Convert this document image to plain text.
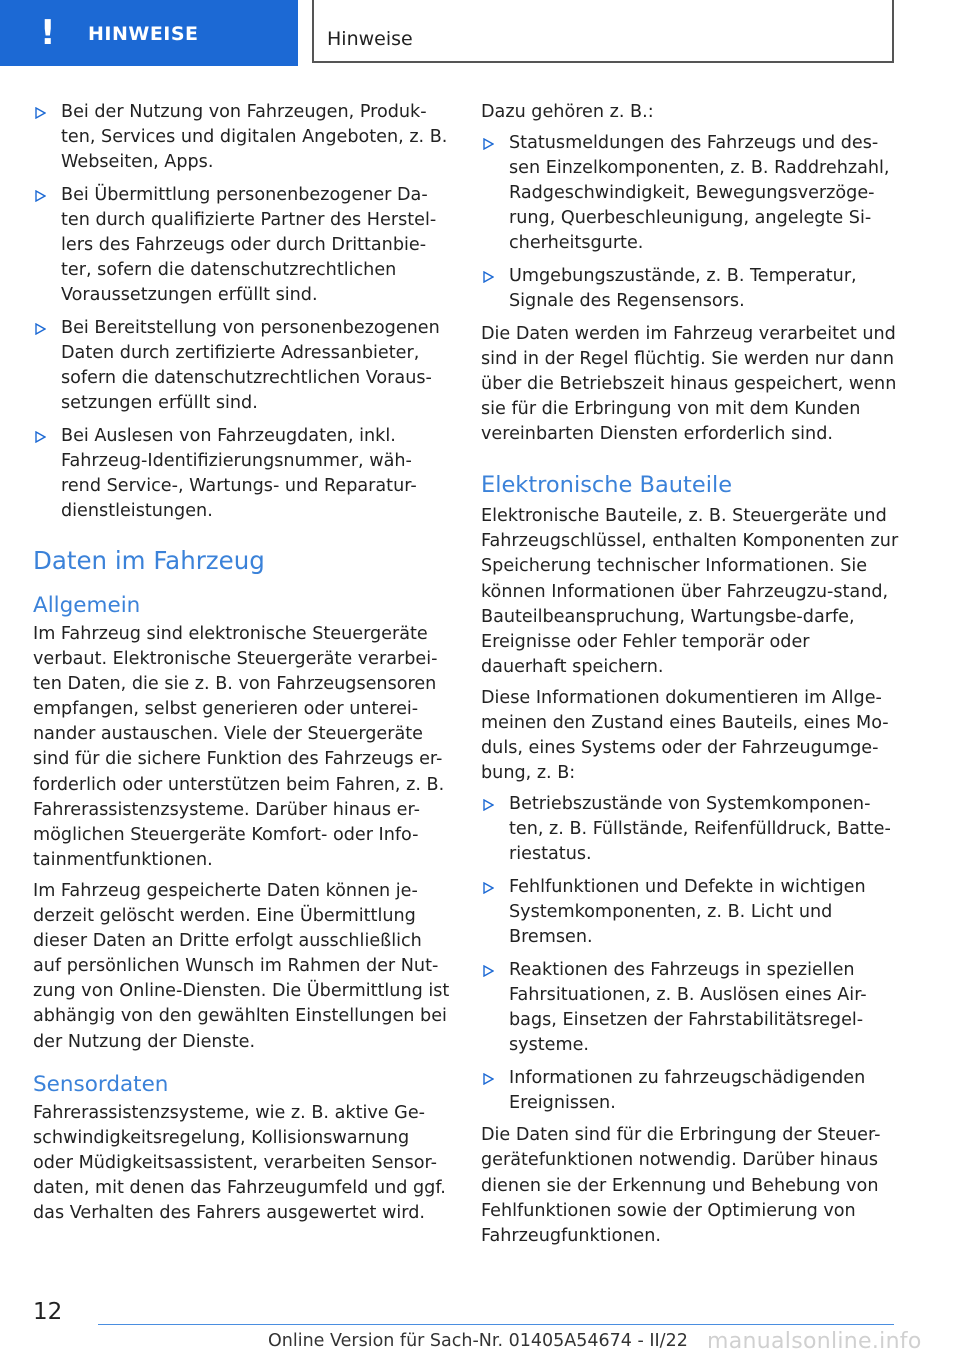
! HINWEISE	Hinweise
Bei der Nutzung von Fahrzeugen, Produk-ten, Services und digitalen Angeboten, z. B. Webseiten, Apps.
Bei Übermittlung personenbezogener Da-ten durch qualifizierte Partner des Herstel-lers des Fahrzeugs oder durch Drittanbie-ter, sofern die datenschutzrechtlichen Voraussetzungen erfüllt sind.
Bei Bereitstellung von personenbezogenen Daten durch zertifizierte Adressanbieter, sofern die datenschutzrechtlichen Voraus-setzungen erfüllt sind.
Bei Auslesen von Fahrzeugdaten, inkl. Fahrzeug-Identifizierungsnummer, wäh-rend Service-, Wartungs- und Reparatur-dienstleistungen.
Daten im Fahrzeug
Allgemein

Im Fahrzeug sind elektronische Steuergeräte verbaut. Elektronische Steuergeräte verarbei-ten Daten, die sie z. B. von Fahrzeugsensoren empfangen, selbst generieren oder unterei-nander austauschen. Viele der Steuergeräte sind für die sichere Funktion des Fahrzeugs er-forderlich oder unterstützen beim Fahren, z. B. Fahrerassistenzsysteme. Darüber hinaus er-möglichen Steuergeräte Komfort- oder Info-tainmentfunktionen.

Im Fahrzeug gespeicherte Daten können je-derzeit gelöscht werden. Eine Übermittlung dieser Daten an Dritte erfolgt ausschließlich auf persönlichen Wunsch im Rahmen der Nut-zung von Online-Diensten. Die Übermittlung ist abhängig von den gewählten Einstellungen bei der Nutzung der Dienste.

Sensordaten

Fahrerassistenzsysteme, wie z. B. aktive Ge-schwindigkeitsregelung, Kollisionswarnung oder Müdigkeitsassistent, verarbeiten Sensor-daten, mit denen das Fahrzeugumfeld und ggf. das Verhalten des Fahrers ausgewertet wird.

Dazu gehören z. B.:

Statusmeldungen des Fahrzeugs und des-sen Einzelkomponenten, z. B. Raddrehzahl, Radgeschwindigkeit, Bewegungsverzöge-rung, Querbeschleunigung, angelegte Si-cherheitsgurte.
Umgebungszustände, z. B. Temperatur, Signale des Regensensors.

Die Daten werden im Fahrzeug verarbeitet und sind in der Regel flüchtig. Sie werden nur dann über die Betriebszeit hinaus gespeichert, wenn sie für die Erbringung von mit dem Kunden vereinbarten Diensten erforderlich sind.

Elektronische Bauteile

Elektronische Bauteile, z. B. Steuergeräte und Fahrzeugschlüssel, enthalten Komponenten zur Speicherung technischer Informationen. Sie können Informationen über Fahrzeugzu-stand, Bauteilbeanspruchung, Wartungsbe-darfe, Ereignisse oder Fehler temporär oder dauerhaft speichern.

Diese Informationen dokumentieren im Allge-meinen den Zustand eines Bauteils, eines Mo-duls, eines Systems oder der Fahrzeugumge-bung, z. B:

Betriebszustände von Systemkomponen-ten, z. B. Füllstände, Reifenfülldruck, Batte-riestatus.
Fehlfunktionen und Defekte in wichtigen Systemkomponenten, z. B. Licht und Bremsen.
Reaktionen des Fahrzeugs in speziellen Fahrsituationen, z. B. Auslösen eines Air-bags, Einsetzen der Fahrstabilitätsregel-systeme.
Informationen zu fahrzeugschädigenden Ereignissen.

Die Daten sind für die Erbringung der Steuer-gerätefunktionen notwendig. Darüber hinaus dienen sie der Erkennung und Behebung von Fehlfunktionen sowie der Optimierung von Fahrzeugfunktionen.

12
Online Version für Sach-Nr. 01405A54674 - II/22 manualsonline.info
